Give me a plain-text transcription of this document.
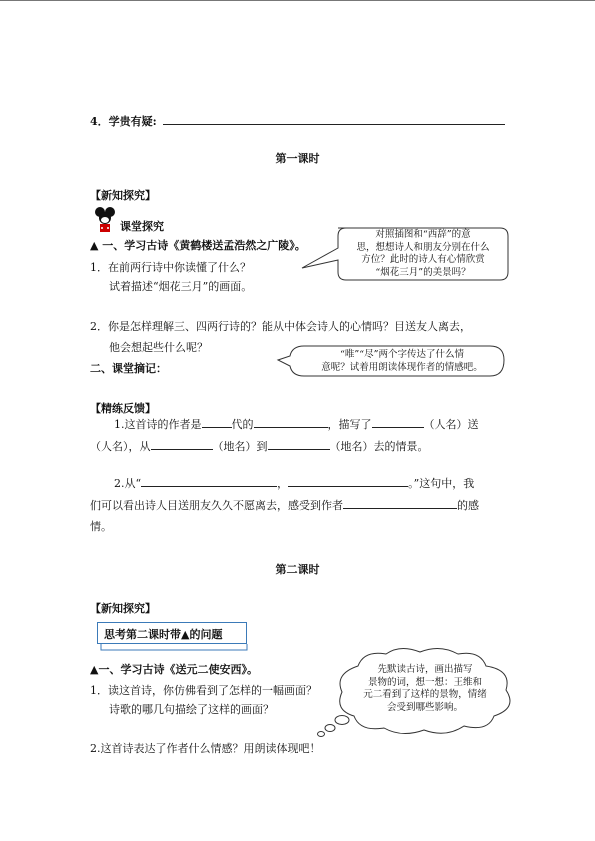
4．学贵有疑:
第一课时
【新知探究】
课堂探究
▲ 一、学习古诗《黄鹤楼送孟浩然之广陵》。
1．在前两行诗中你读懂了什么？
试着描述“烟花三月”的画面。
对照插图和“西辞”的意
思，想想诗人和朋友分别在什么
方位？此时的诗人有心情欣赏
“烟花三月”的美景吗？
2．你是怎样理解三、四两行诗的？能从中体会诗人的心情吗？目送友人离去，
他会想起些什么呢？
二、课堂摘记：
“唯”“尽”两个字传达了什么情
意呢？试着用朗读体现作者的情感吧。
【精练反馈】
1.这首诗的作者是	代的	，描写了	（人名）送
（人名），从	（地名）到	（地名）去的情景。
2.从“	，	。”这句中，我
们可以看出诗人目送朋友久久不愿离去，感受到作者	的感
情。
第二课时
【新知探究】
思考第二课时带▲的问题
▲一、学习古诗《送元二使安西》。
1．读这首诗，你仿佛看到了怎样的一幅画面？
诗歌的哪几句描绘了这样的画面？
2.这首诗表达了作者什么情感？用朗读体现吧！
先默读古诗，画出描写
景物的词，想一想：王维和
元二看到了这样的景物，情绪
会受到哪些影响。
